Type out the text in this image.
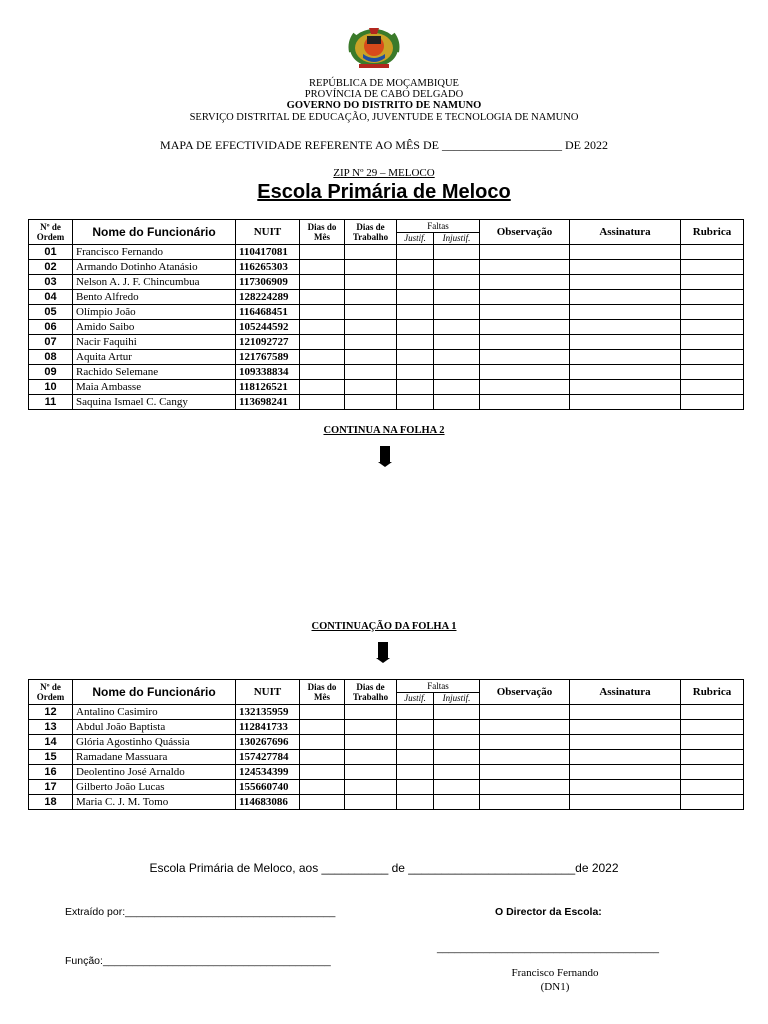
REPÚBLICA DE MOÇAMBIQUE
PROVÍNCIA DE CABO DELGADO
GOVERNO DO DISTRITO DE NAMUNO
SERVIÇO DISTRITAL DE EDUCAÇÃO, JUVENTUDE E TECNOLOGIA DE NAMUNO
MAPA DE EFECTIVIDADE REFERENTE AO MÊS DE ____________________ DE 2022
ZIP Nº 29 – MELOCO
Escola Primária de Meloco
Nº de Ordem	Nome do Funcionário	NUIT	Dias do Mês	Dias de Trabalho	Faltas		Observação	Assinatura	Rubrica
					Justif.	Injustif.			
01	Francisco Fernando	110417081							
02	Armando Dotinho Atanásio	116265303							
03	Nelson A. J. F. Chincumbua	117306909							
04	Bento Alfredo	128224289							
05	Olímpio João	116468451							
06	Amido Saibo	105244592							
07	Nacir Faquihi	121092727							
08	Aquita Artur	121767589							
09	Rachido Selemane	109338834							
10	Maia Ambasse	118126521							
11	Saquina Ismael C. Cangy	113698241							
CONTINUA NA FOLHA 2
CONTINUAÇÃO DA FOLHA 1
Nº de Ordem	Nome do Funcionário	NUIT	Dias do Mês	Dias de Trabalho	Faltas		Observação	Assinatura	Rubrica
					Justif.	Injustif.			
12	Antalino Casimiro	132135959							
13	Abdul João Baptista	112841733							
14	Glória Agostinho Quássia	130267696							
15	Ramadane Massuara	157427784							
16	Deolentino José Arnaldo	124534399							
17	Gilberto João Lucas	155660740							
18	Maria C. J. M. Tomo	114683086							
Escola Primária de Meloco, aos __________ de _________________________de 2022
Extraído por:____________________________________	O Director da Escola:
______________________________________
Função:_______________________________________
Francisco Fernando
(DN1)
